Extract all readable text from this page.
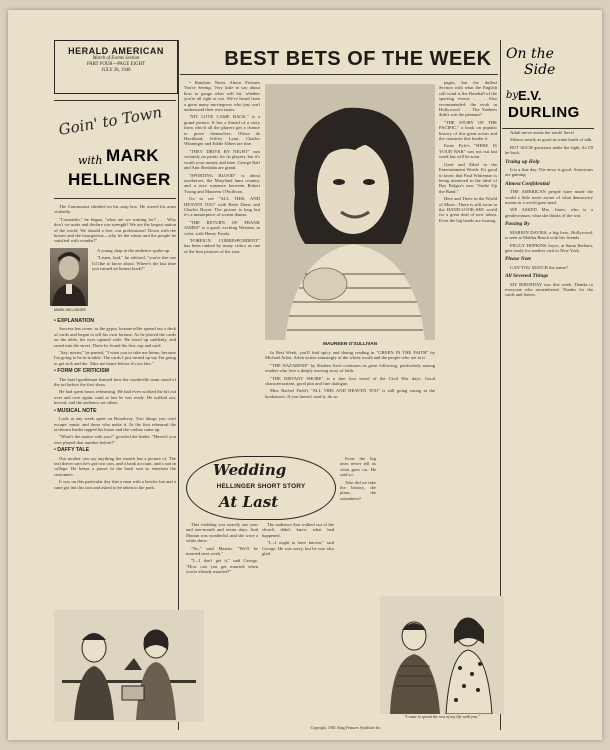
HERALD AMERICAN
March of Events Section
PART FOUR—PAGE EIGHT
JULY 28, 1940
Goin' to Town
with MARK
HELLINGER
BEST BETS OF THE WEEK	On the
Side
by E.V.
DURLING

The Communist climbed on his soap box. He waved his arms violently.

"Comrades," he began, "what are we waiting for? . . . Why don't we unite and declare our strength? We are the largest nation of the world. We should a free, our proletarians! Down with the bosses and the bourgeoisie—why let the wheat and the people be satisfied with crumbs?"

MARK HELLINGER

A young chap in the audience spoke up.

"Listen, bud," he advised, "you're the one I'd like to know about. Where's the last time you earned an honest buck?"

• EXPLANATION

Success has come, as the gypsy fortune teller spread out a deck of cards and began to tell his own fortune. As he placed the cards on the table, his eyes opened wide. He stood up suddenly, and raced into the street. There he found the first cop and said:

"Say, mister," he panted, "I want you to take me home, because I'm going to be in trouble. The cards I just turned up say I'm going to get sick and die. Take me home before it's too late."

• FORM OF CRITICISM

The hotel gentleman learned how the vaudeville team stood of the act before the first show.

He had spent hours rehearsing. He had even worked the bit out over and over again, until at last he was ready. He walked out, bowed, and the audience sat silent.

• MUSICAL NOTE

Look at any week spent on Broadway. Two things you can't escape: music and those who make it. At the first rehearsal the orchestra leader tapped his baton and the violins came up.

"What's the matter with you?" growled the leader. "Haven't you ever played that number before?"

• DAFFY TALE

Our mother can say anything her mouth has a picture of. The taxi driver says he's got two cars, and a bank account, and a son in college. He keeps a parrot in the back seat to entertain the customers.

It was on this particular day that a man with a bowler hat and a cane got into his taxi and asked to be taken to the park.

MAUREEN O'SULLIVAN

• Random Notes About Pictures You're Seeing: Very little to say about how to gauge what will hit, whether you're all right or not. We've heard from a great many moviegoers who just can't understand their own tastes.

"MY LOVE CAME BACK," is a grand picture. It has a thread of a story from which all the players get a chance to prove themselves. Olivia de Havilland, Jeffrey Lynn, Charles Winninger and Eddie Albert are fine.

"THEY DRIVE BY NIGHT" was certainly no picnic for its players, but it's worth your money and time. George Raft and Ann Sheridan are grand.

"SPORTING BLOOD" is about racehorses, the Maryland hunt country, and a nice romance between Robert Young and Maureen O'Sullivan.

Go to see "ALL THIS, AND HEAVEN TOO" with Bette Davis and Charles Boyer. The picture is long but it's a masterpiece of screen drama.

"THE RETURN OF FRANK JAMES" is a good, exciting Western, in color, with Henry Fonda.

"FOREIGN CORRESPONDENT" has been ranked by many critics as one of the best pictures of the year.

In Best Week, you'll find spicy and daring reading in "GREEN IN THE FAITH" by Michael Arlen. Arlen writes amusingly of the whole world and the people who are in it.

"THE NAZARENE" by Sholem Asch continues its great following, particularly among readers who love a deeply moving story of faith.

"THE DISTANT SHORE" is a fine first novel of the Civil War days. Good characterization, good plot and fine dialogue.

Miss Rachel Field's "ALL THIS AND HEAVEN TOO" is still going strong in the bookstores. If you haven't read it, do so.

pages, but the dullest Section with what the English call wind is the Baseball of the sporting events . . . Also recommended: the work in Hollywood . . . The Yankees didn't win the pennant?

"THE STORY OF THE PACIFIC," a book on popular history of this great ocean and the countries that border it.

Ernie Pyle's "HERE IS YOUR WAR" was not out last week but will be soon.

Gene and Ethel in the Entertainment Worth: It's good to know that Paul Whiteman is being mentored in the ideal of Ray Bolger's new "Strike Up the Band."

Here and There in the World of Music: There is still room in the BAND-LOOK-SEE world for a great deal of new talent. Even the big bands are touring.

Wedding
HELLINGER SHORT STORY
At Last

This wedding was exactly one year and one-month and seven days. And Marian was wonderful, and she wore a white dress.

"No," said Marian. "We'll be married next week."

"I—I don't get it," said George. "How can you get married when you're already married?"

The audience that walked out of the church didn't know what had happened.

"I—I ought to have known," said George. He was sorry, but he was also glad.

Even the big ones never tell us what goes on. He said so.

Also did we take the history, the plans, the soundness?

"I want to spend the rest of my life with you."

Adult nerve assets the tomb! Save!

Silence nearly as good as some kinds of talk.

BUT SUCH questions make the fight. So I'll be back.

Truing up Help

It is a fine day. The news is good. Americans are gaining.

Almost Confidential

THE AMERICAN people have made the world a little more aware of what democracy means in a world gone mad.

WE ASKED Mrs. Jones, who is a gentlewoman, what she thinks of the war.

Passing By

MARION DAVIES, a big hero, Hollywood, is seen at Malibu Beach with her friends.

PEGGY HOPKINS Joyce, at Santa Barbara, gets ready for another visit to New York.

Please Note

CAN YOU MATCH the name?

All Sevened Things

MY BIRTHDAY was this week. Thanks to everyone who remembered. Thanks for the cards and letters.

Copyright, 1940, King Features Syndicate Inc.
